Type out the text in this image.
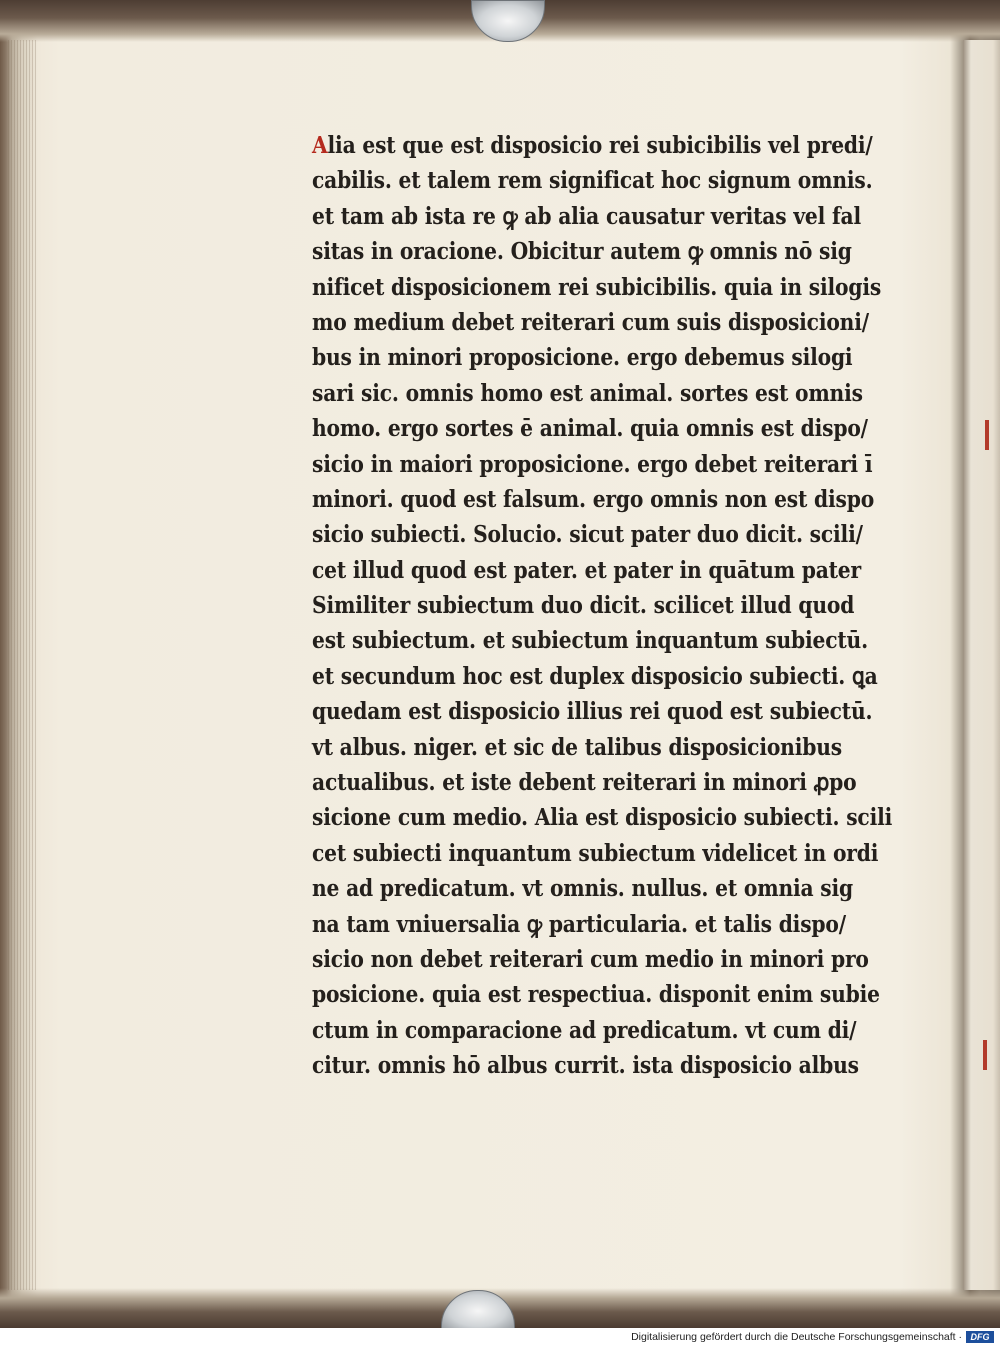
Alia est que est disposicio rei subicibilis vel predi/
cabilis. et talem rem significat hoc signum omnis.
et tam ab ista re ꝙ ab alia causatur veritas vel fal
sitas in oracione. Obicitur autem ꝙ omnis nō sig
nificet disposicionem rei subicibilis. quia in silogis
mo medium debet reiterari cum suis disposicioni/
bus in minori proposicione. ergo debemus silogi
sari sic. omnis homo est animal. sortes est omnis
homo. ergo sortes ē animal. quia omnis est dispo/
sicio in maiori proposicione. ergo debet reiterari ī
minori. quod est falsum. ergo omnis non est dispo
sicio subiecti. Solucio. sicut pater duo dicit. scili/
cet illud quod est pater. et pater in quātum pater
Similiter subiectum duo dicit. scilicet illud quod
est subiectum. et subiectum inquantum subiectū.
et secundum hoc est duplex disposicio subiecti. ꝗa
quedam est disposicio illius rei quod est subiectū.
vt albus. niger. et sic de talibus disposicionibus
actualibus. et iste debent reiterari in minori ꝓpo
sicione cum medio. Alia est disposicio subiecti. scili
cet subiecti inquantum subiectum videlicet in ordi
ne ad predicatum. vt omnis. nullus. et omnia sig
na tam vniuersalia ꝙ particularia. et talis dispo/
sicio non debet reiterari cum medio in minori pro
posicione. quia est respectiua. disponit enim subie
ctum in comparacione ad predicatum. vt cum di/
citur. omnis hō albus currit. ista disposicio albus
Digitalisierung gefördert durch die Deutsche Forschungsgemeinschaft · DFG
